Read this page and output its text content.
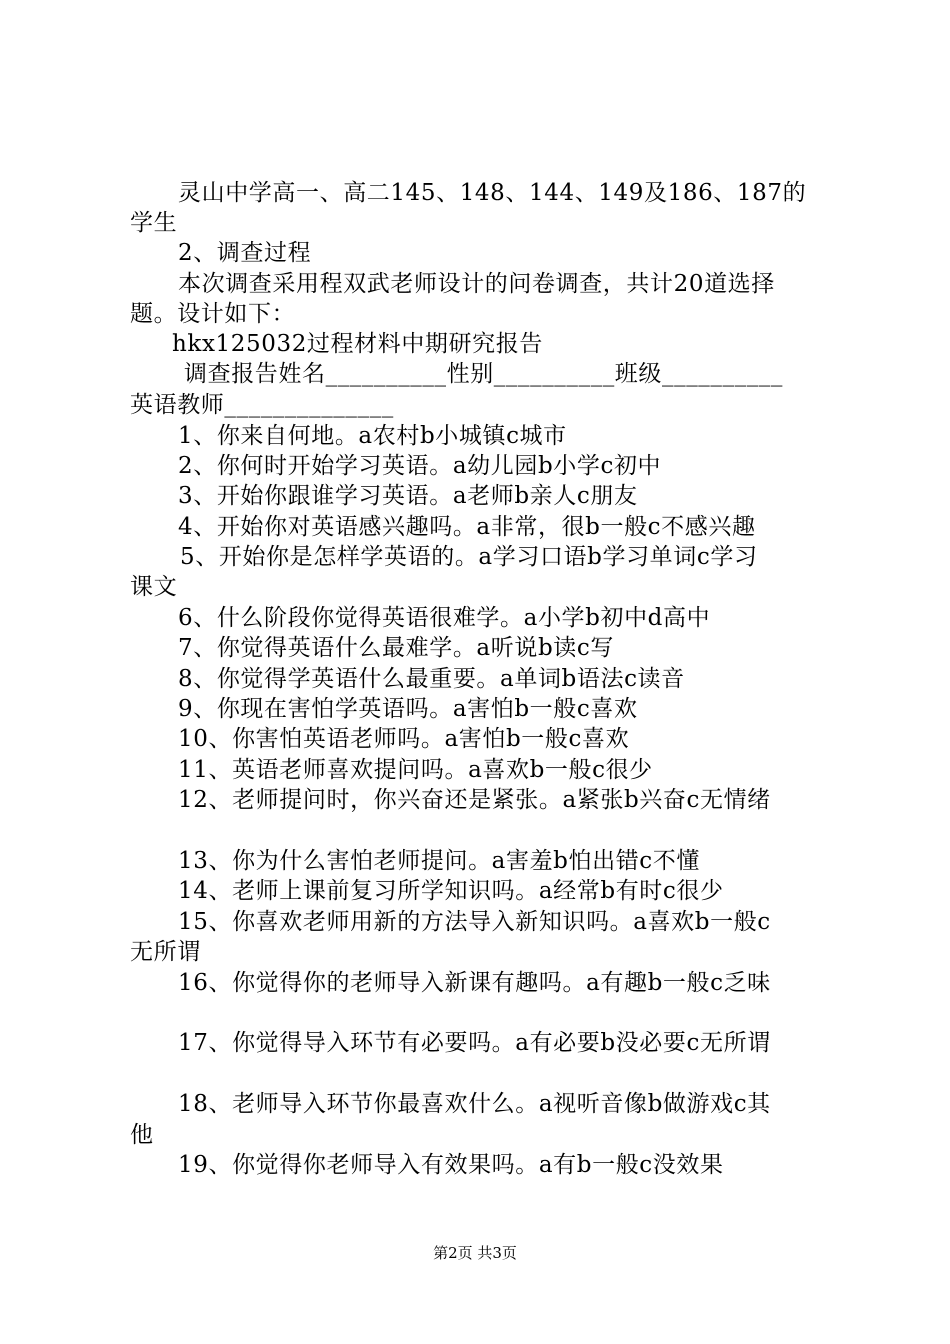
灵山中学高一、高二145、148、144、149及186、187的
学生
2、调查过程
本次调查采用程双武老师设计的问卷调查，共计20道选择
题。设计如下：
hkx125032过程材料中期研究报告
调查报告姓名__________性别__________班级__________
英语教师______________
1、你来自何地。a农村b小城镇c城市
2、你何时开始学习英语。a幼儿园b小学c初中
3、开始你跟谁学习英语。a老师b亲人c朋友
4、开始你对英语感兴趣吗。a非常，很b一般c不感兴趣
5、开始你是怎样学英语的。a学习口语b学习单词c学习
课文
6、什么阶段你觉得英语很难学。a小学b初中d高中
7、你觉得英语什么最难学。a听说b读c写
8、你觉得学英语什么最重要。a单词b语法c读音
9、你现在害怕学英语吗。a害怕b一般c喜欢
10、你害怕英语老师吗。a害怕b一般c喜欢
11、英语老师喜欢提问吗。a喜欢b一般c很少
12、老师提问时，你兴奋还是紧张。a紧张b兴奋c无情绪
13、你为什么害怕老师提问。a害羞b怕出错c不懂
14、老师上课前复习所学知识吗。a经常b有时c很少
15、你喜欢老师用新的方法导入新知识吗。a喜欢b一般c
无所谓
16、你觉得你的老师导入新课有趣吗。a有趣b一般c乏味
17、你觉得导入环节有必要吗。a有必要b没必要c无所谓
18、老师导入环节你最喜欢什么。a视听音像b做游戏c其
他
19、你觉得你老师导入有效果吗。a有b一般c没效果
第2页 共3页
